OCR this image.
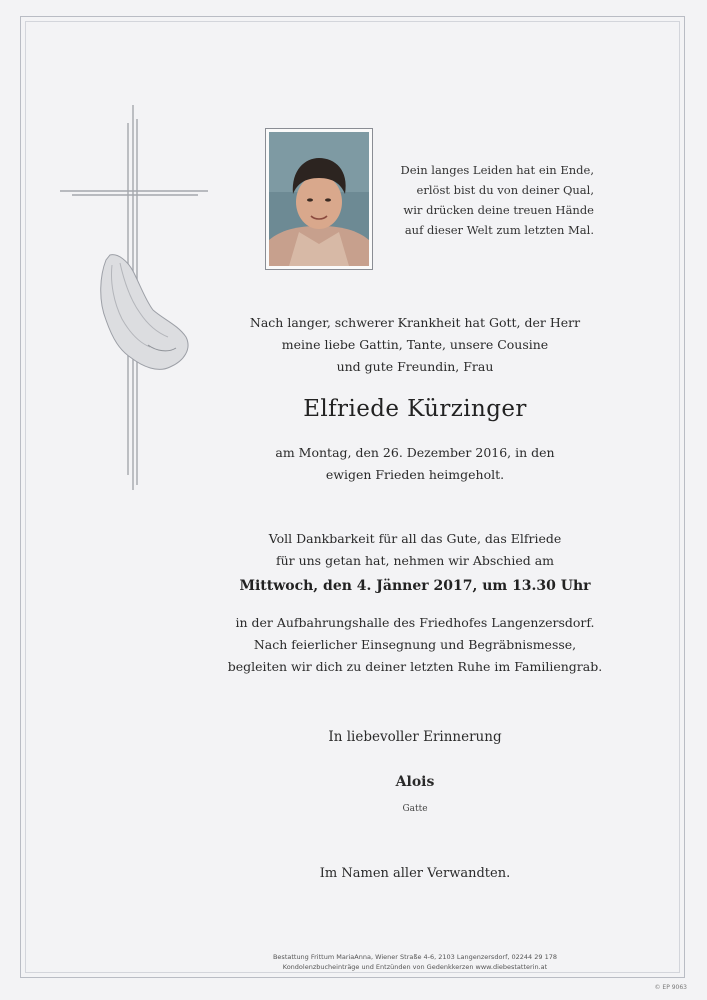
Dein langes Leiden hat ein Ende,
erlöst bist du von deiner Qual,
wir drücken deine treuen Hände
auf dieser Welt zum letzten Mal.
Nach langer, schwerer Krankheit hat Gott, der Herr
meine liebe Gattin, Tante, unsere Cousine
und gute Freundin, Frau
Elfriede Kürzinger
am Montag, den 26. Dezember 2016, in den
ewigen Frieden heimgeholt.
Voll Dankbarkeit für all das Gute, das Elfriede
für uns getan hat, nehmen wir Abschied am
Mittwoch, den 4. Jänner 2017, um 13.30 Uhr
in der Aufbahrungshalle des Friedhofes Langenzersdorf.
Nach feierlicher Einsegnung und Begräbnismesse,
begleiten wir dich zu deiner letzten Ruhe im Familiengrab.
In liebevoller Erinnerung
Alois
Gatte
Im Namen aller Verwandten.
Bestattung Frittum MariaAnna, Wiener Straße 4-6, 2103 Langenzersdorf, 02244 29 178
Kondolenzbucheinträge und Entzünden von Gedenkkerzen www.diebestatterin.at
© EP 9063
